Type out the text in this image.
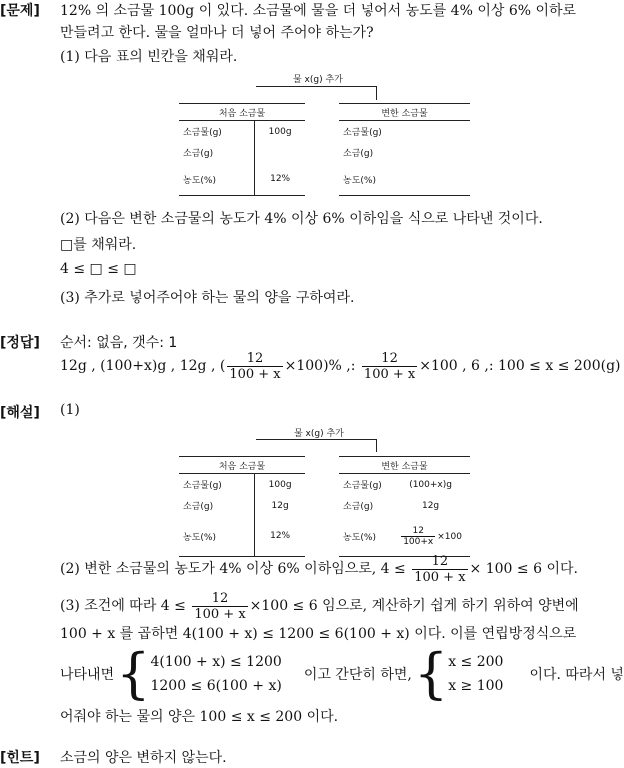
[문제] 12% 의 소금물 100g 이 있다. 소금물에 물을 더 넣어서 농도를 4% 이상 6% 이하로
만들려고 한다. 물을 얼마나 더 넣어 주어야 하는가?
(1) 다음 표의 빈칸을 채워라.
물 x(g) 추가
처음 소금물	
소금물(g)	100g
소금(g)	
농도(%)	12%
변한 소금물
소금물(g)
소금(g)
농도(%)
(2) 다음은 변한 소금물의 농도가 4% 이상 6% 이하임을 식으로 나타낸 것이다.
□를 채워라.
4 ≤ □ ≤ □
(3) 추가로 넣어주어야 하는 물의 양을 구하여라.
[정답] 순서: 없음, 갯수: 1
12g , (100+x)g , 12g , ( $\frac{12}{100 + x} \times 100)\%$ ,: $\frac{12}{100 + x} \times 100$ , 6 ,: 100 ≤ x ≤ 200(g)
[해설] (1)
물 x(g) 추가
처음 소금물	
소금물(g)	100g
소금(g)	12g
농도(%)	12%
변한 소금물	
소금물(g)	(100+x)g
소금(g)	12g
농도(%)	$\frac{12}{100+x} \times 100$
(2) 변한 소금물의 농도가 4% 이상 6% 이하임으로, $4 \le \frac{12}{100 + x} \times 100 \le 6$ 이다.
(3) 조건에 따라 $4 \le \frac{12}{100 + x} \times 100 \le 6$ 임으로, 계산하기 쉽게 하기 위하여 양변에
100 + x 를 곱하면 4(100 + x) ≤ 1200 ≤ 6(100 + x) 이다. 이를 연립방정식으로
나타내면 { 4(100 + x) ≤ 1200
1200 ≤ 6(100 + x)
이고 간단히 하면, { x ≤ 200
x ≥ 100
이다. 따라서 넣
어줘야 하는 물의 양은 100 ≤ x ≤ 200 이다.
[힌트] 소금의 양은 변하지 않는다.
